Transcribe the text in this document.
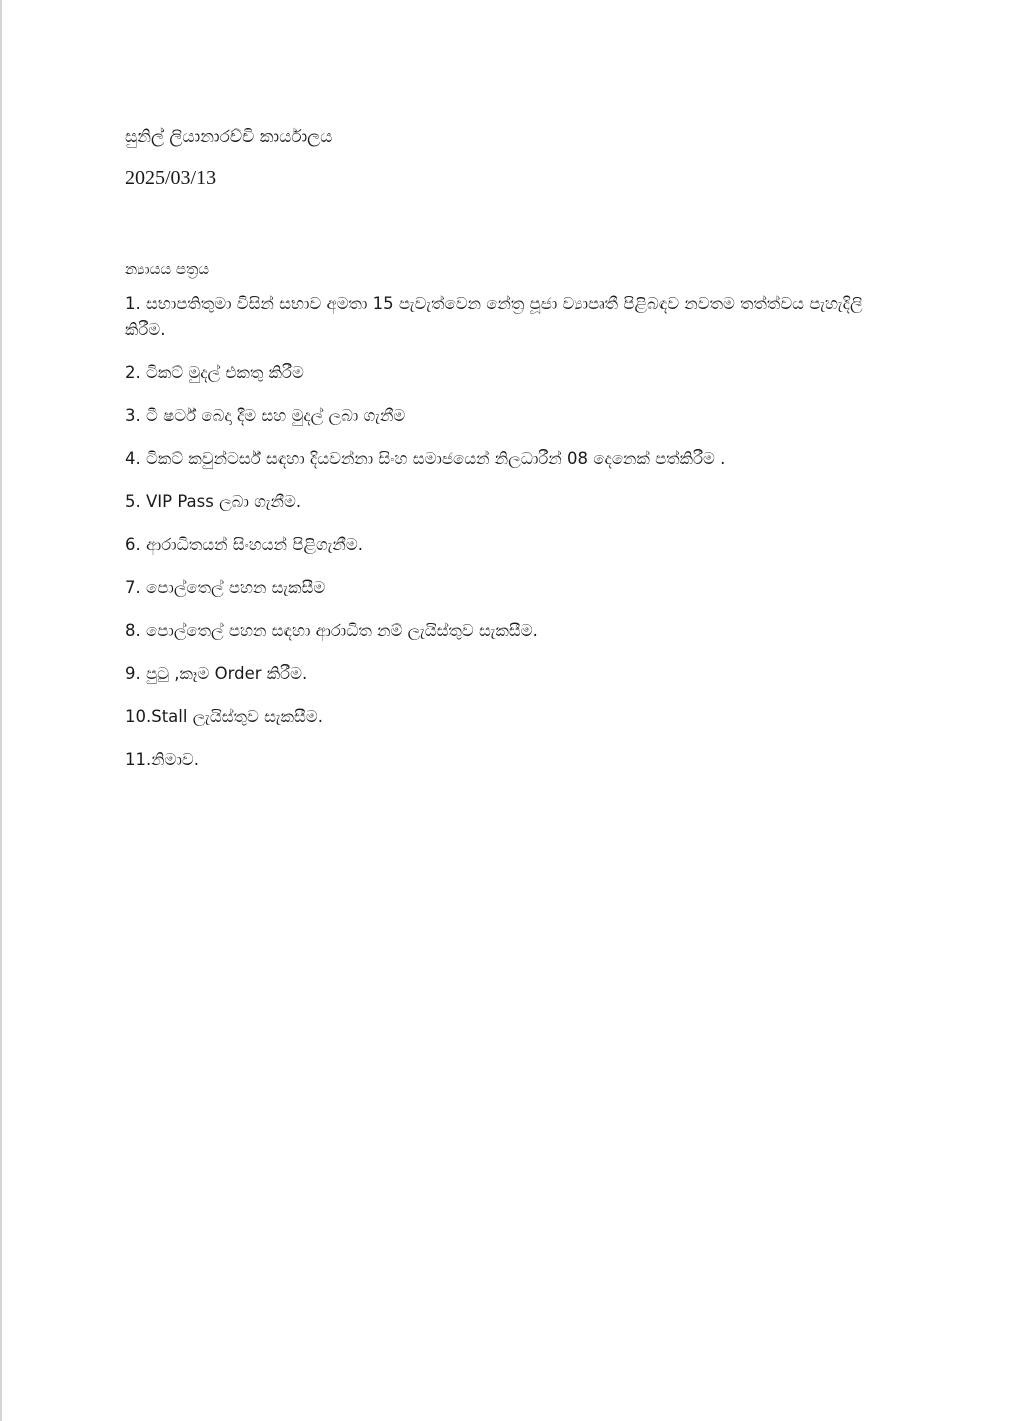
සුනිල් ලියානාරච්චි කාර්යාලය

2025/03/13

න්‍යායය පත්‍රය

1. සභාපතිතුමා විසින් සභාව අමතා 15 පැවැත්වෙන නේත්‍ර පූජා ව්‍යාපෘතී පිළිබඳව නවතම තත්ත්වය පැහැදිලි කිරීම.
2. ටිකට් මුදල් එකතු කිරීම
3. ටී ෂර්ට් බෙදා දීම සහ මුදල් ලබා ගැනීම
4. ටිකට් කවුන්ටර්ස් සඳහා දියවන්නා සිංහ සමාජයෙන් නිලධාරීන් 08 දෙනෙක් පත්කිරීම .
5. VIP Pass ලබා ගැනීම.
6. ආරාධිතයන් සිංහයන් පිළිගැනීම.
7. පොල්තෙල් පහන සැකසීම
8. පොල්තෙල් පහන සඳහා ආරාධිත නම් ලැයිස්තුව සැකසීම.
9. පුටු ,කෑම Order කිරීම.
10.Stall ලැයිස්තුව සැකසීම.
11.නිමාව.
